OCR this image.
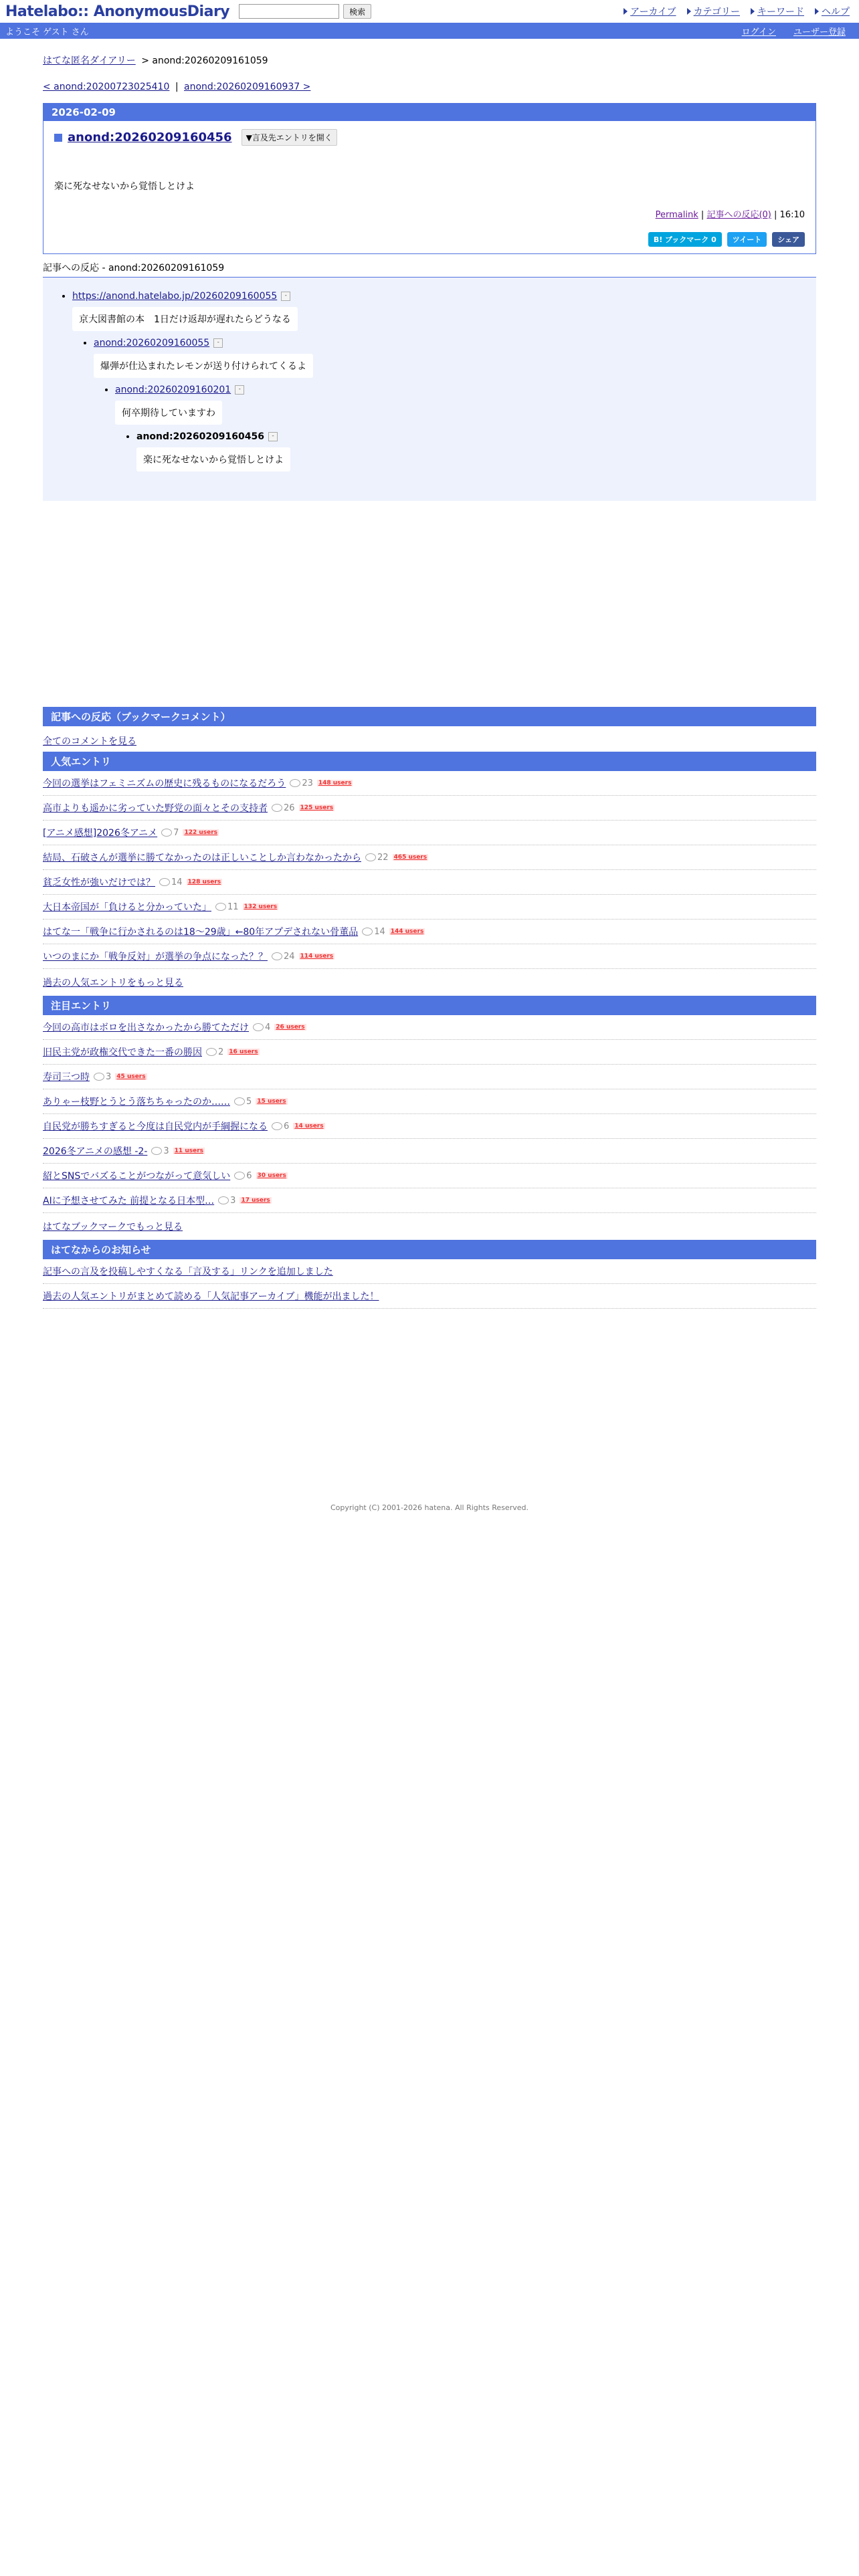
Hatelabo:: AnonymousDiary	検索	アーカイブ	カテゴリー	キーワード	ヘルプ
ようこそ ゲスト さん	ログイン ユーザー登録
はてな匿名ダイアリー > anond:20260209161059
< anond:20200723025410 | anond:20260209160937 >
2026-02-09
anond:20260209160456	▼言及先エントリを開く
楽に死なせないから覚悟しとけよ
Permalink | 記事への反応(0) | 16:10
B! ブックマーク 0	ツイート	シェア
記事への反応 - anond:20260209161059
• https://anond.hatelabo.jp/20260209160055 -
京大図書館の本　1日だけ返却が遅れたらどうなる
• anond:20260209160055 -
爆弾が仕込まれたレモンが送り付けられてくるよ
• anond:20260209160201 -
何卒期待していますわ
• anond:20260209160456 -
楽に死なせないから覚悟しとけよ
記事への反応（ブックマークコメント）
全てのコメントを見る
人気エントリ
今回の選挙はフェミニズムの歴史に残るものになるだろう 23 148 users
高市よりも遥かに劣っていた野党の面々とその支持者 26 125 users
[アニメ感想]2026冬アニメ 7 122 users
結局、石破さんが選挙に勝てなかったのは正しいことしか言わなかったから 22 465 users
貧乏女性が強いだけでは？ 14 128 users
大日本帝国が「負けると分かっていた」 11 132 users
はてな一「戦争に行かされるのは18〜29歳」←80年アプデされない骨董品 14 144 users
いつのまにか「戦争反対」が選挙の争点になった？？ 24 114 users
過去の人気エントリをもっと見る
注目エントリ
今回の高市はボロを出さなかったから勝てただけ 4 26 users
旧民主党が政権交代できた一番の勝因 2 16 users
寿司三つ時 3 45 users
ありゃー枝野とうとう落ちちゃったのか…… 5 15 users
自民党が勝ちすぎると今度は自民党内が手綱握になる 6 14 users
2026冬アニメの感想 -2- 3 11 users
紹とSNSでバズることがつながって意気しい 6 30 users
AIに予想させてみた 前提となる日本型… 3 17 users
はてなブックマークでもっと見る
はてなからのお知らせ
記事への言及を投稿しやすくなる「言及する」リンクを追加しました
過去の人気エントリがまとめて読める「人気記事アーカイブ」機能が出ました！
Copyright (C) 2001-2026 hatena. All Rights Reserved.
